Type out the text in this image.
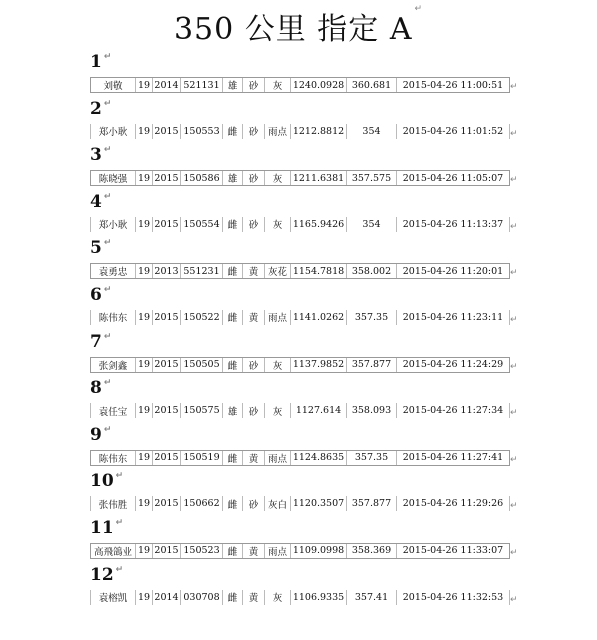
350 公里 指定 A↵
1 ↵
刘敬	19 2014 521131 雄	砂	灰	1240.0928 360.681	2015-04-26 11:00:51 ↵
2 ↵
郑小耿	19 2015 150553 雌	砂	雨点 1212.8812	354	2015-04-26 11:01:52 ↵
3 ↵
陈晓强	19 2015 150586 雄	砂	灰	1211.6381 357.575	2015-04-26 11:05:07 ↵
4 ↵
郑小耿	19 2015 150554 雌	砂	灰	1165.9426	354	2015-04-26 11:13:37 ↵
5 ↵
袁勇忠	19 2013 551231 雌	黄	灰花 1154.7818 358.002	2015-04-26 11:20:01 ↵
6 ↵
陈伟东	19 2015 150522 雌	黄	雨点 1141.0262	357.35	2015-04-26 11:23:11 ↵
7 ↵
张剑鑫	19 2015 150505 雌	砂	灰	1137.9852 357.877	2015-04-26 11:24:29 ↵
8 ↵
袁任宝	19 2015 150575 雄	砂	灰	1127.614	358.093	2015-04-26 11:27:34 ↵
9 ↵
陈伟东	19 2015 150519 雌	黄	雨点 1124.8635	357.35	2015-04-26 11:27:41 ↵
10 ↵
张伟胜	19 2015 150662 雌	砂	灰白 1120.3507 357.877	2015-04-26 11:29:26 ↵
11 ↵
高飛鴿业 19 2015 150523 雌	黄	雨点 1109.0998 358.369	2015-04-26 11:33:07 ↵
12 ↵
袁榕凯	19 2014 030708 雌	黄	灰	1106.9335	357.41	2015-04-26 11:32:53 ↵
